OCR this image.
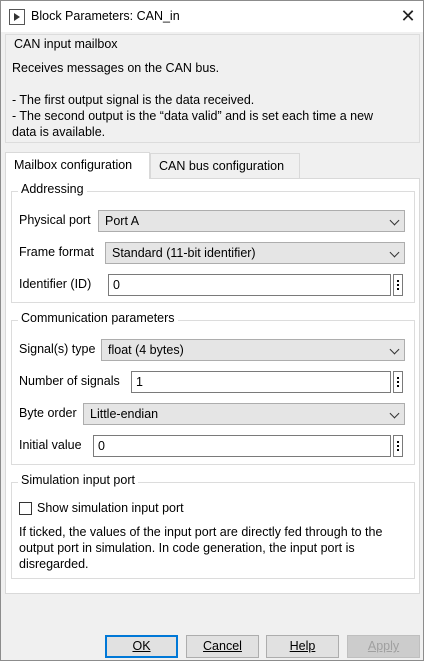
Block Parameters: CAN_in	✕
CAN input mailbox
Receives messages on the CAN bus.
- The first output signal is the data received.
- The second output is the “data valid” and is set each time a new
data is available.
Mailbox configuration	CAN bus configuration
Addressing
Physical port	Port A
Frame format	Standard (11-bit identifier)
Identifier (ID)	0
Communication parameters
Signal(s) type	float (4 bytes)
Number of signals	1
Byte order	Little-endian
Initial value	0
Simulation input port
Show simulation input port
If ticked, the values of the input port are directly fed through to the
output port in simulation. In code generation, the input port is
disregarded.
OK	Cancel	Help	Apply
